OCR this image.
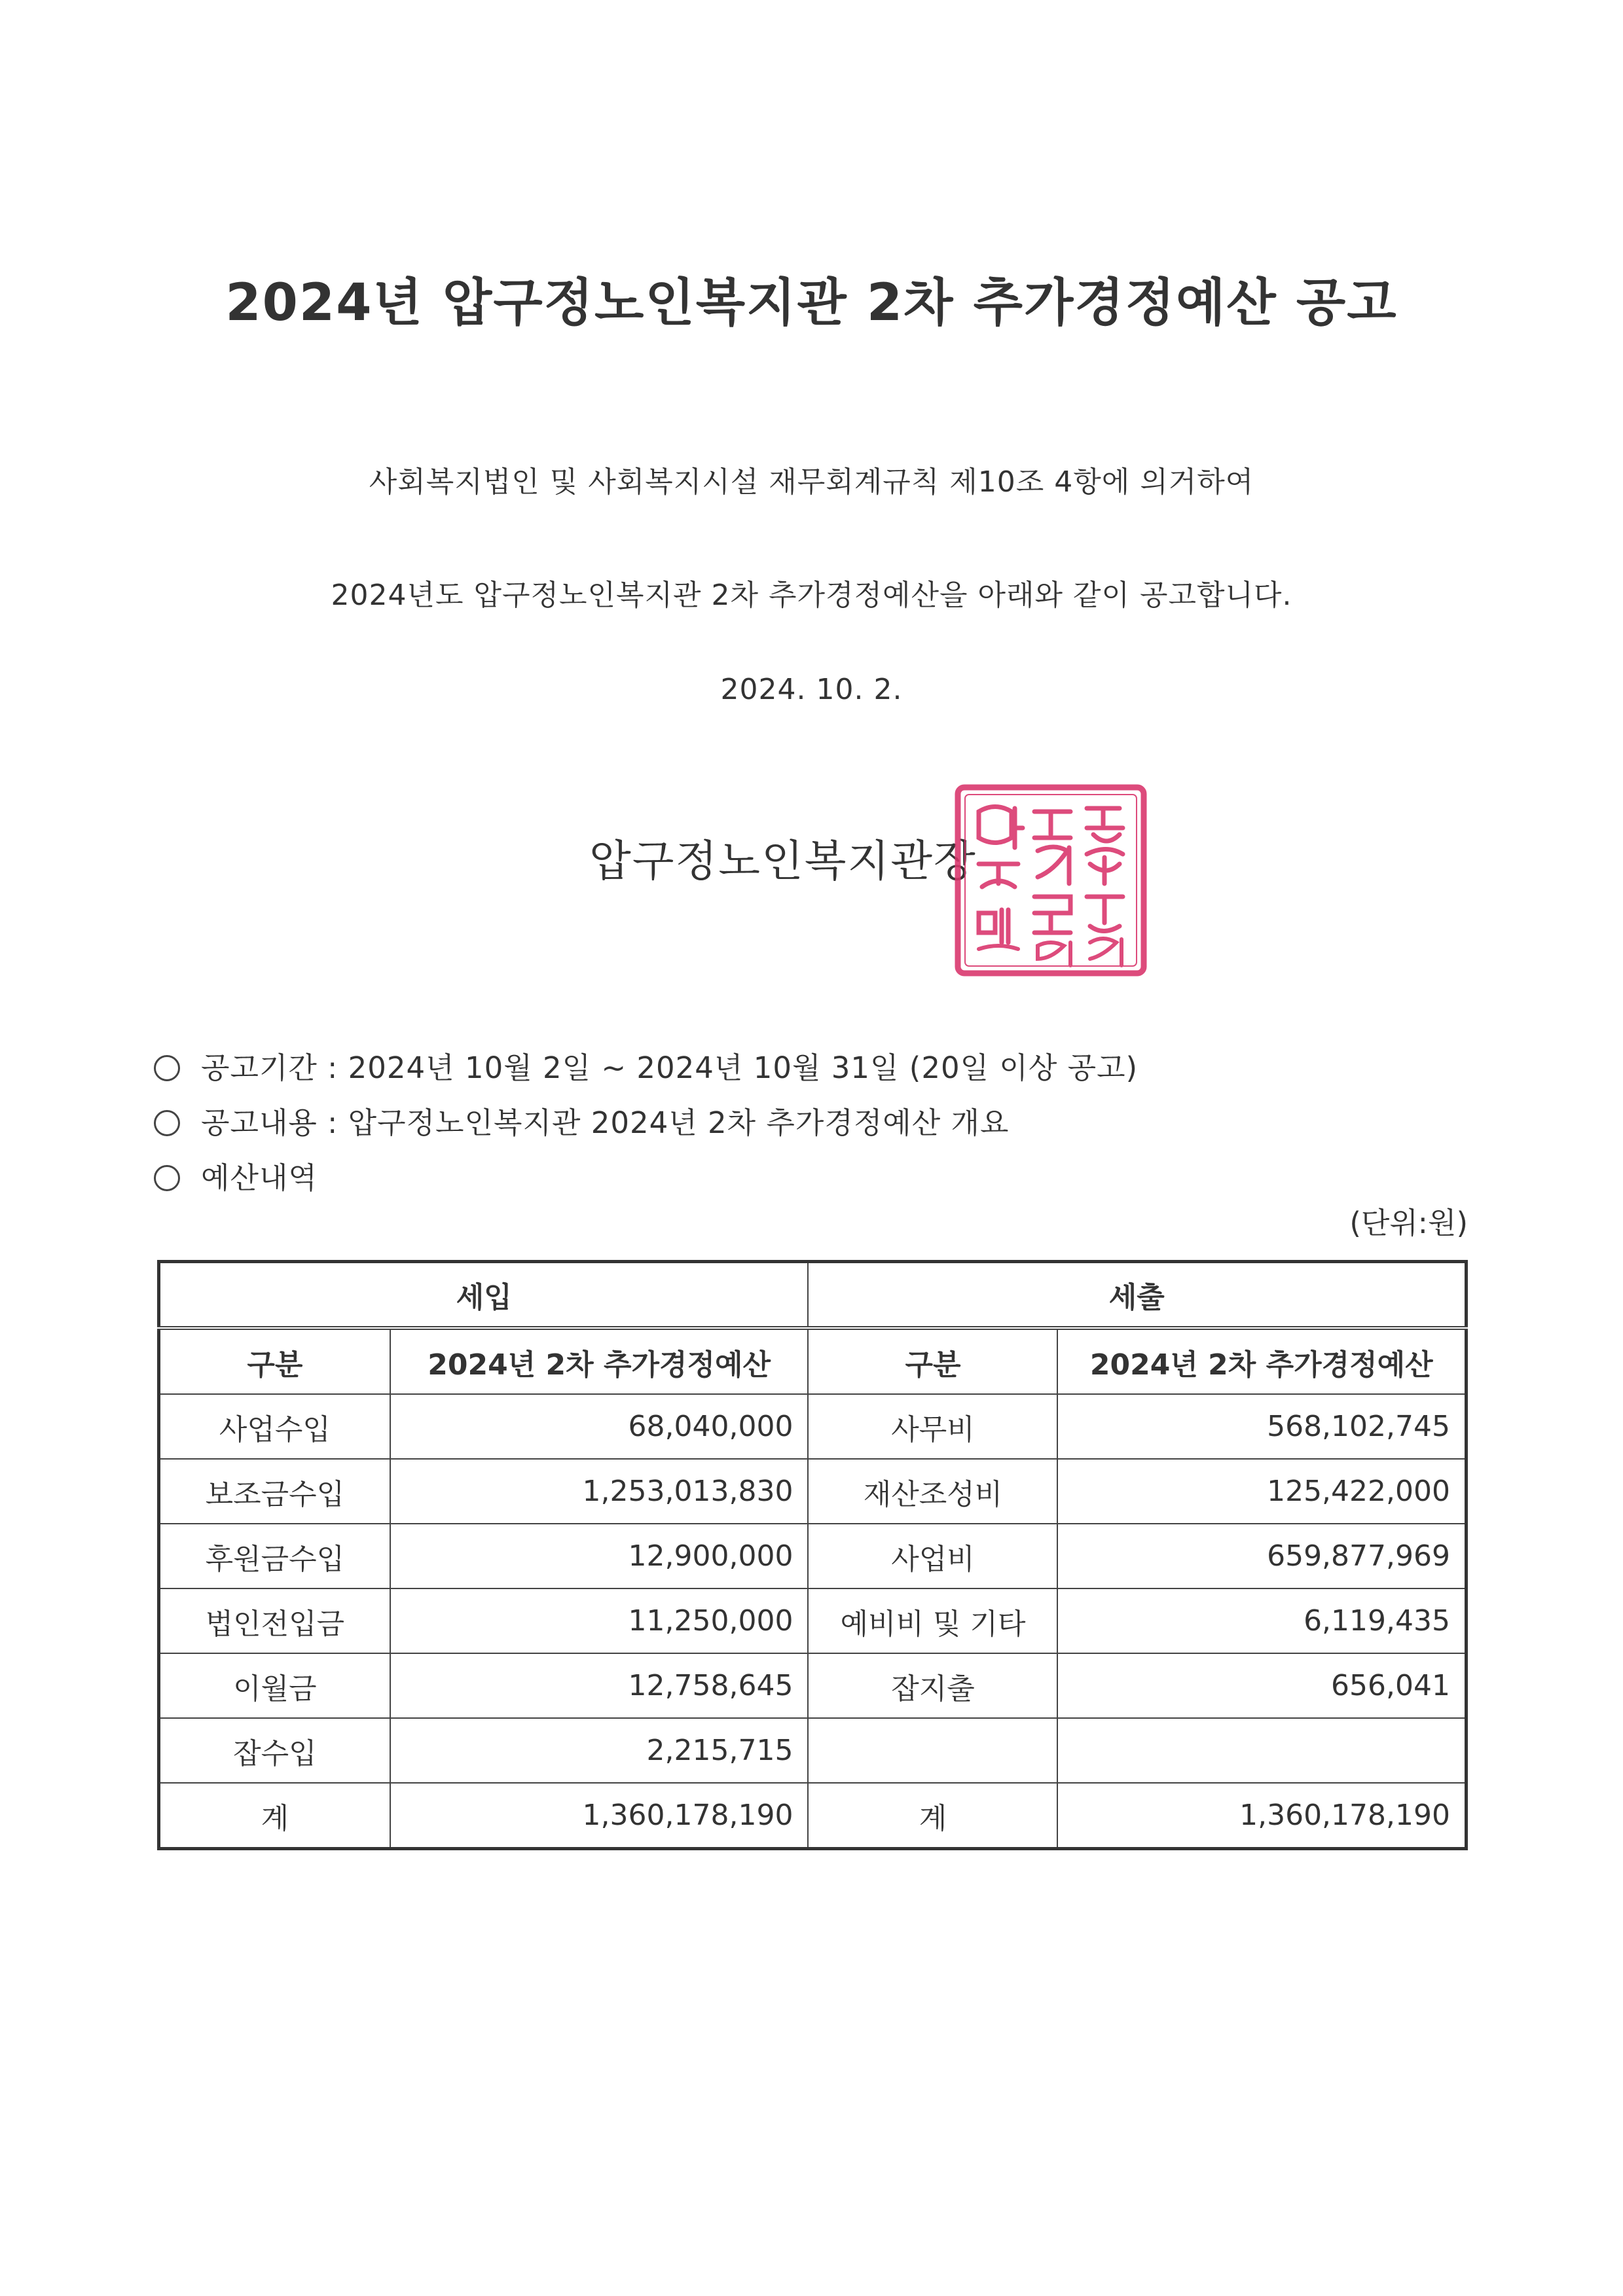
2024년 압구정노인복지관 2차 추가경정예산 공고
사회복지법인 및 사회복지시설 재무회계규칙 제10조 4항에 의거하여
2024년도 압구정노인복지관 2차 추가경정예산을 아래와 같이 공고합니다.
2024. 10. 2.
압구정노인복지관장
공고기간 : 2024년 10월 2일 ~ 2024년 10월 31일 (20일 이상 공고)
공고내용 : 압구정노인복지관 2024년 2차 추가경정예산 개요
예산내역
(단위:원)
세입		세출	
구분	2024년 2차 추가경정예산	구분	2024년 2차 추가경정예산
사업수입	68,040,000	사무비	568,102,745
보조금수입	1,253,013,830	재산조성비	125,422,000
후원금수입	12,900,000	사업비	659,877,969
법인전입금	11,250,000	예비비 및 기타	6,119,435
이월금	12,758,645	잡지출	656,041
잡수입	2,215,715		
계	1,360,178,190	계	1,360,178,190
